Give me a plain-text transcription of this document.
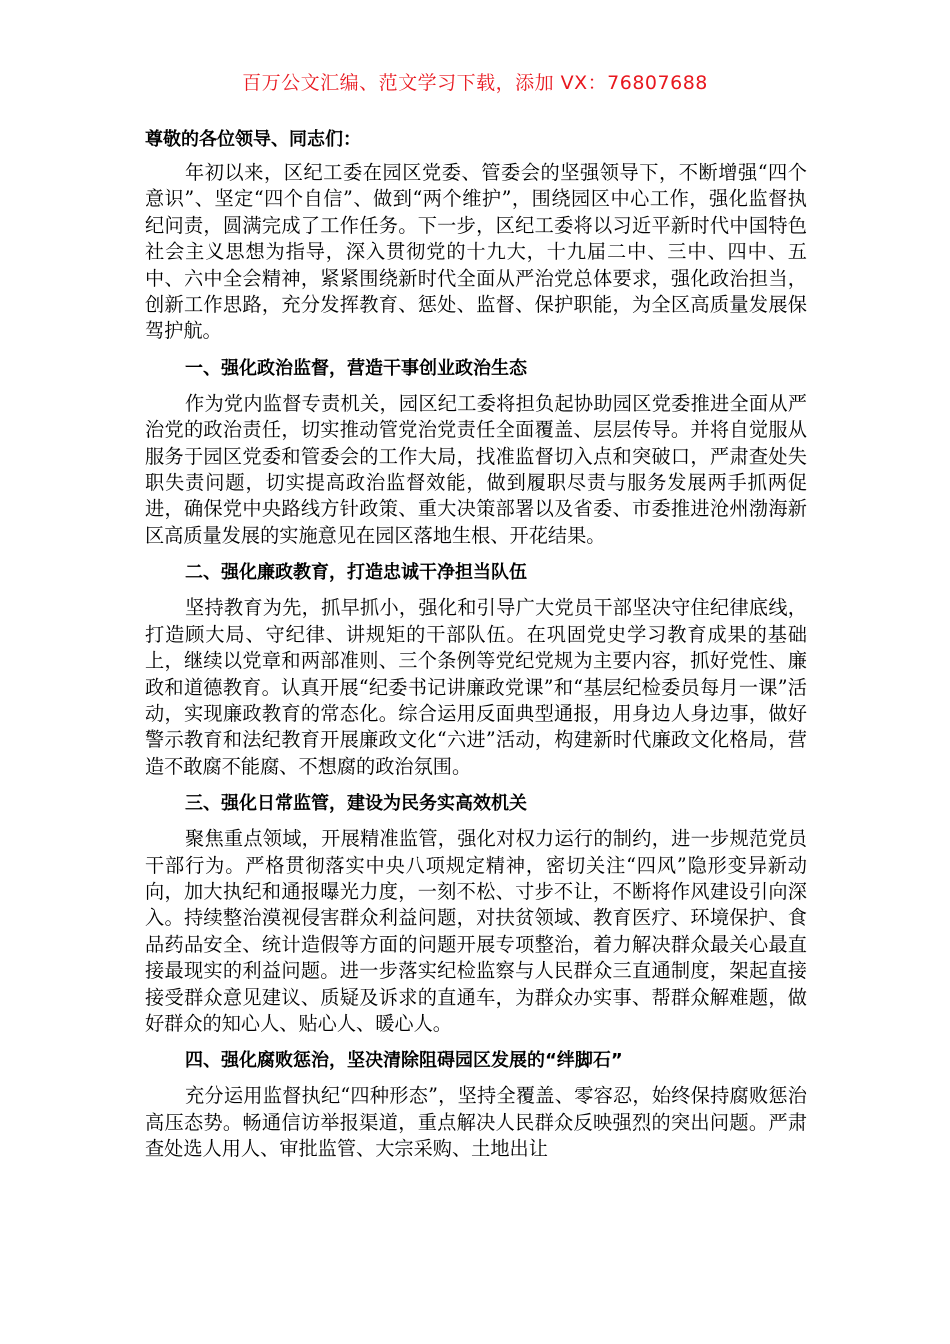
百万公文汇编、范文学习下载，添加 VX：76807688

尊敬的各位领导、同志们：

年初以来，区纪工委在园区党委、管委会的坚强领导下，不断增强“四个意识”、坚定“四个自信”、做到“两个维护”，围绕园区中心工作，强化监督执纪问责，圆满完成了工作任务。下一步，区纪工委将以习近平新时代中国特色社会主义思想为指导，深入贯彻党的十九大，十九届二中、三中、四中、五中、六中全会精神，紧紧围绕新时代全面从严治党总体要求，强化政治担当，创新工作思路，充分发挥教育、惩处、监督、保护职能，为全区高质量发展保驾护航。

一、强化政治监督，营造干事创业政治生态

作为党内监督专责机关，园区纪工委将担负起协助园区党委推进全面从严治党的政治责任，切实推动管党治党责任全面覆盖、层层传导。并将自觉服从服务于园区党委和管委会的工作大局，找准监督切入点和突破口，严肃查处失职失责问题，切实提高政治监督效能，做到履职尽责与服务发展两手抓两促进，确保党中央路线方针政策、重大决策部署以及省委、市委推进沧州渤海新区高质量发展的实施意见在园区落地生根、开花结果。

二、强化廉政教育，打造忠诚干净担当队伍

坚持教育为先，抓早抓小，强化和引导广大党员干部坚决守住纪律底线，打造顾大局、守纪律、讲规矩的干部队伍。在巩固党史学习教育成果的基础上，继续以党章和两部准则、三个条例等党纪党规为主要内容，抓好党性、廉政和道德教育。认真开展“纪委书记讲廉政党课”和“基层纪检委员每月一课”活动，实现廉政教育的常态化。综合运用反面典型通报，用身边人身边事，做好警示教育和法纪教育开展廉政文化“六进”活动，构建新时代廉政文化格局，营造不敢腐不能腐、不想腐的政治氛围。

三、强化日常监管，建设为民务实高效机关

聚焦重点领域，开展精准监管，强化对权力运行的制约，进一步规范党员干部行为。严格贯彻落实中央八项规定精神，密切关注“四风”隐形变异新动向，加大执纪和通报曝光力度，一刻不松、寸步不让，不断将作风建设引向深入。持续整治漠视侵害群众利益问题，对扶贫领域、教育医疗、环境保护、食品药品安全、统计造假等方面的问题开展专项整治，着力解决群众最关心最直接最现实的利益问题。进一步落实纪检监察与人民群众三直通制度，架起直接接受群众意见建议、质疑及诉求的直通车，为群众办实事、帮群众解难题，做好群众的知心人、贴心人、暖心人。

四、强化腐败惩治，坚决清除阻碍园区发展的“绊脚石”

充分运用监督执纪“四种形态”，坚持全覆盖、零容忍，始终保持腐败惩治高压态势。畅通信访举报渠道，重点解决人民群众反映强烈的突出问题。严肃查处选人用人、审批监管、大宗采购、土地出让
